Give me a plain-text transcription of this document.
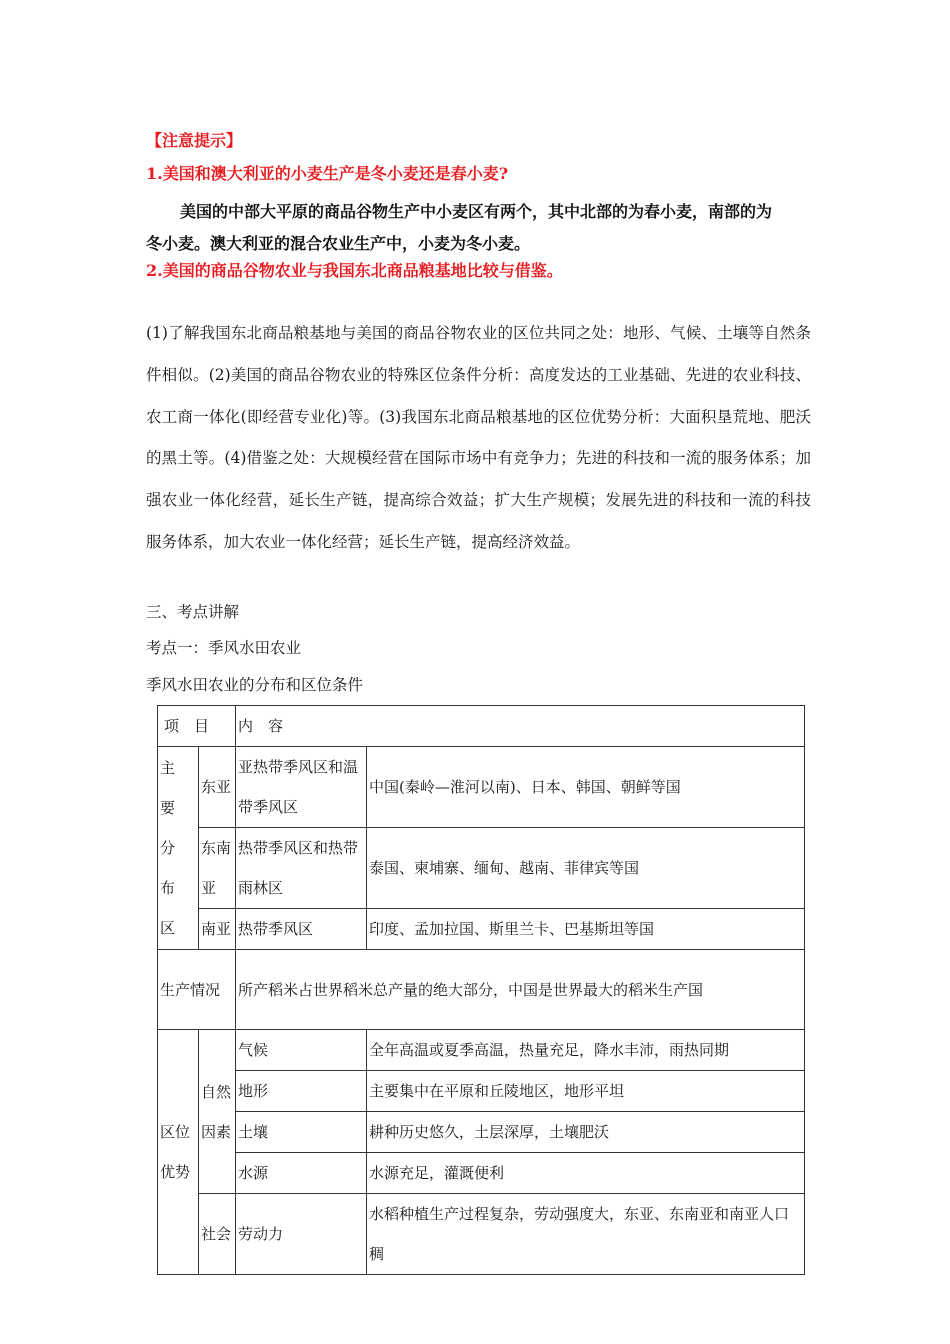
【注意提示】
1.美国和澳大利亚的小麦生产是冬小麦还是春小麦?
美国的中部大平原的商品谷物生产中小麦区有两个，其中北部的为春小麦，南部的为
冬小麦。澳大利亚的混合农业生产中，小麦为冬小麦。
2.美国的商品谷物农业与我国东北商品粮基地比较与借鉴。
(1)了解我国东北商品粮基地与美国的商品谷物农业的区位共同之处：地形、气候、土壤等自然条件相似。(2)美国的商品谷物农业的特殊区位条件分析：高度发达的工业基础、先进的农业科技、农工商一体化(即经营专业化)等。(3)我国东北商品粮基地的区位优势分析：大面积垦荒地、肥沃的黑土等。(4)借鉴之处：大规模经营在国际市场中有竞争力；先进的科技和一流的服务体系；加强农业一体化经营，延长生产链，提高综合效益；扩大生产规模；发展先进的科技和一流的科技服务体系，加大农业一体化经营；延长生产链，提高经济效益。
三、考点讲解
考点一：季风水田农业
季风水田农业的分布和区位条件
项　目		内　容	
主 要 分 布 区	东亚	亚热带季风区和温带季风区	中国(秦岭—淮河以南)、日本、韩国、朝鲜等国
	东南亚	热带季风区和热带雨林区	泰国、柬埔寨、缅甸、越南、菲律宾等国
	南亚	热带季风区	印度、孟加拉国、斯里兰卡、巴基斯坦等国
生产情况		所产稻米占世界稻米总产量的绝大部分，中国是世界最大的稻米生产国	
区位优势	自然因素	气候	全年高温或夏季高温，热量充足，降水丰沛，雨热同期
		地形	主要集中在平原和丘陵地区，地形平坦
		土壤	耕种历史悠久，土层深厚，土壤肥沃
		水源	水源充足，灌溉便利
	社会	劳动力	水稻种植生产过程复杂，劳动强度大，东亚、东南亚和南亚人口稠
